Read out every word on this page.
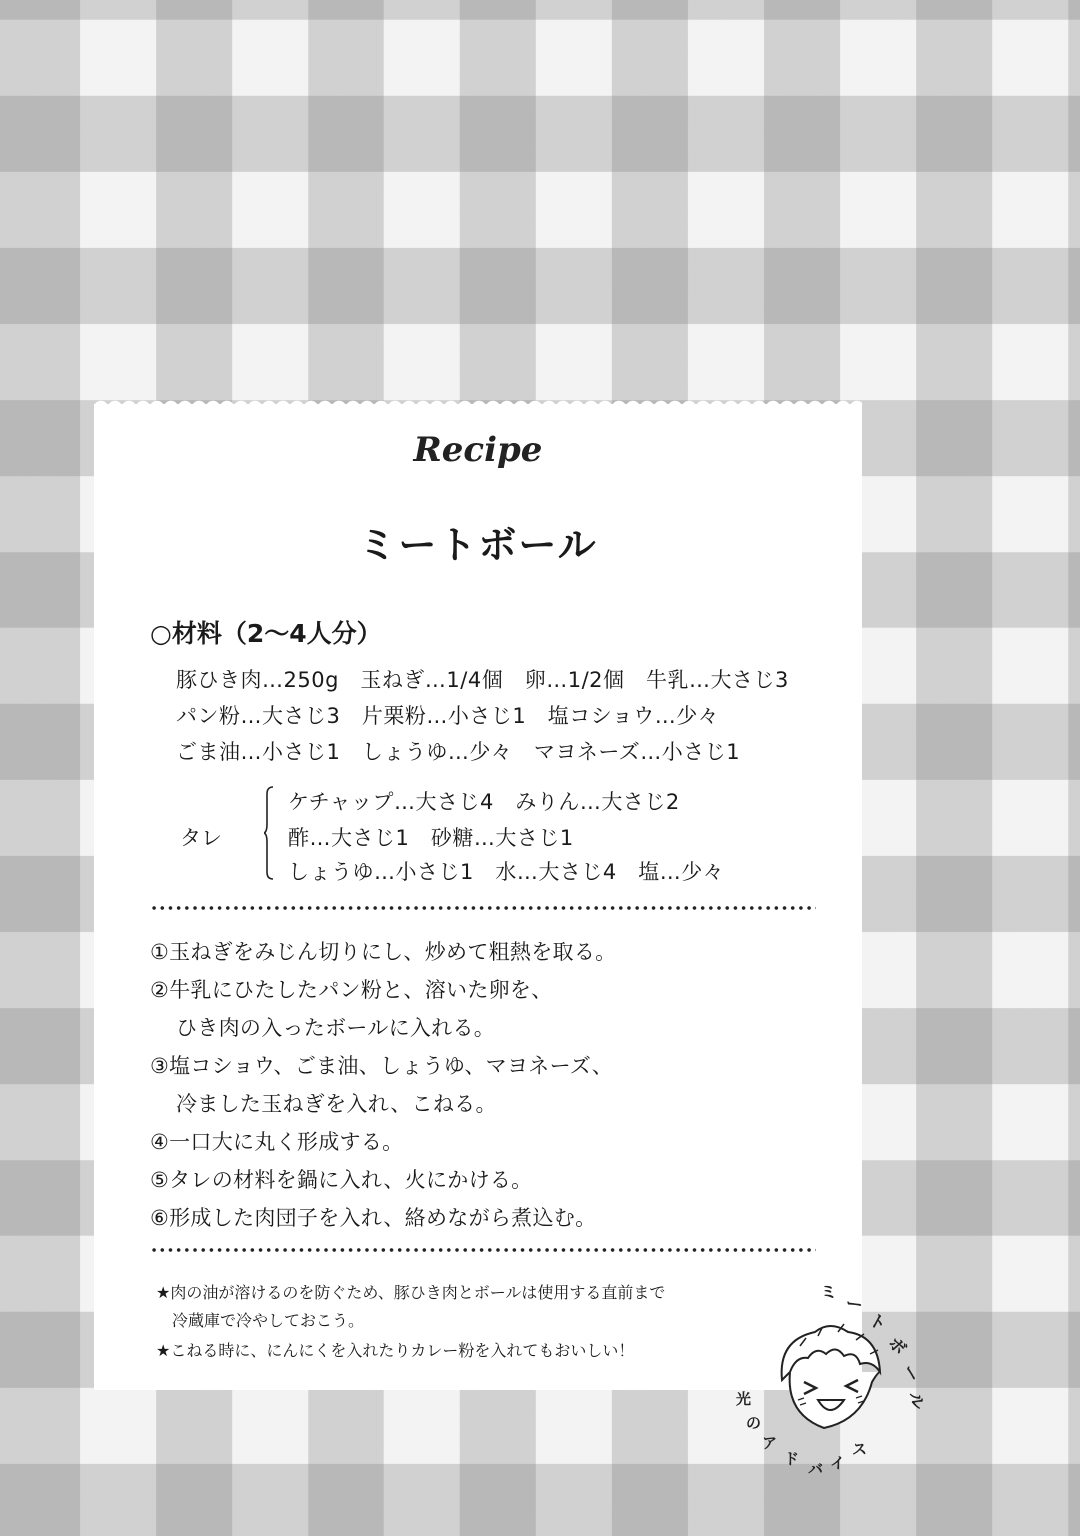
Recipe
ミートボール
○材料（2～4人分）
豚ひき肉…250g　玉ねぎ…1/4個　卵…1/2個　牛乳…大さじ3
パン粉…大さじ3　片栗粉…小さじ1　塩コショウ…少々
ごま油…小さじ1　しょうゆ…少々　マヨネーズ…小さじ1
タレ
ケチャップ…大さじ4　みりん…大さじ2
酢…大さじ1　砂糖…大さじ1
しょうゆ…小さじ1　水…大さじ4　塩…少々
①玉ねぎをみじん切りにし、炒めて粗熱を取る。
②牛乳にひたしたパン粉と、溶いた卵を、
ひき肉の入ったボールに入れる。
③塩コショウ、ごま油、しょうゆ、マヨネーズ、
冷ました玉ねぎを入れ、こねる。
④一口大に丸く形成する。
⑤タレの材料を鍋に入れ、火にかける。
⑥形成した肉団子を入れ、絡めながら煮込む。
★肉の油が溶けるのを防ぐため、豚ひき肉とボールは使用する直前まで
冷蔵庫で冷やしておこう。
★こねる時に、にんにくを入れたりカレー粉を入れてもおいしい！
ミ
ー
ト
ボ
ー
ル
光
の
ア
ド
バ イ
ス
